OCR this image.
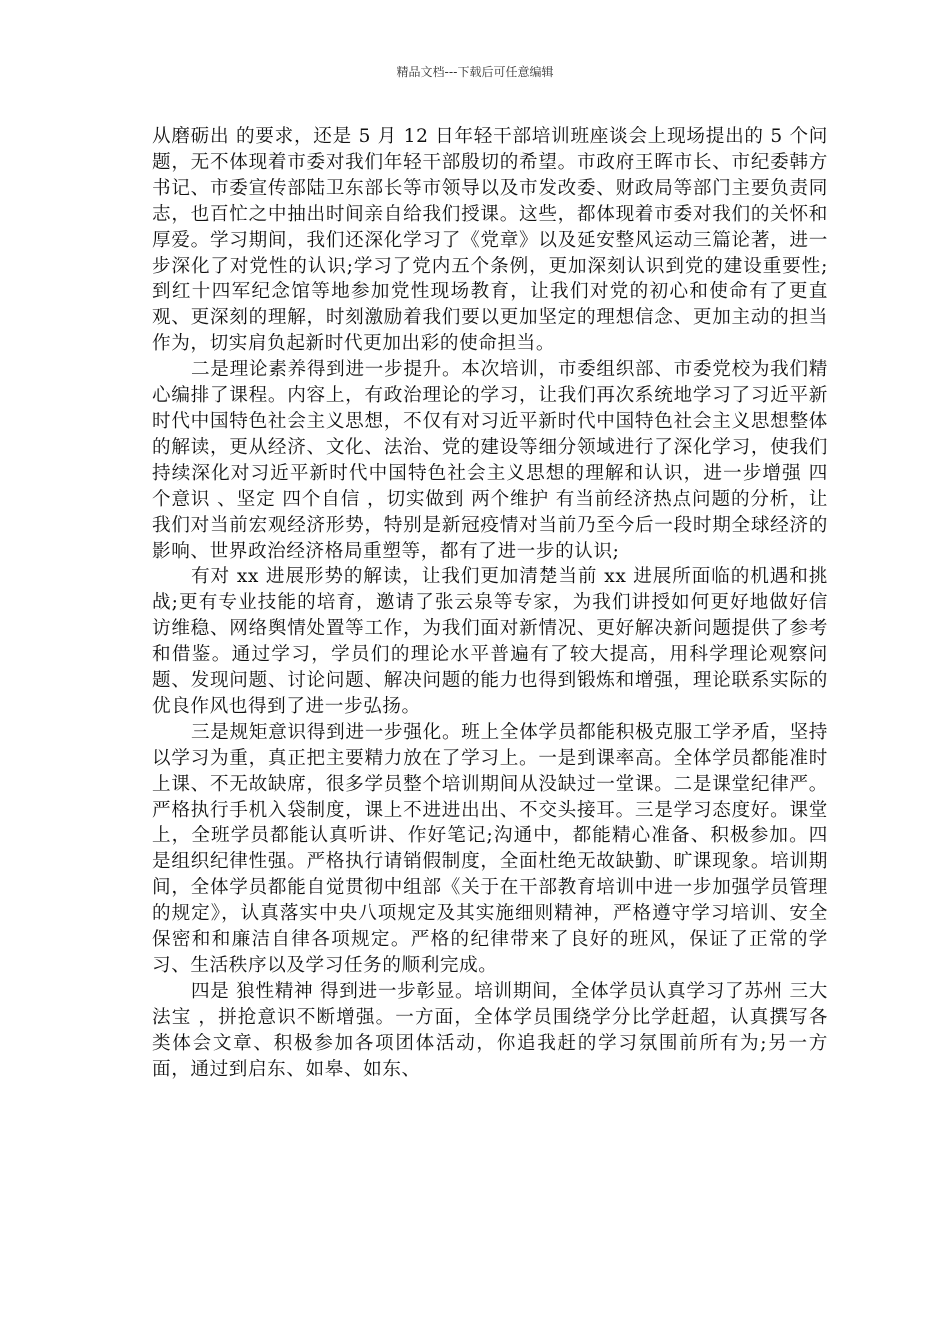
精品文档---下载后可任意编辑

从磨砺出 的要求，还是 5 月 12 日年轻干部培训班座谈会上现场提出的 5 个问题，无不体现着市委对我们年轻干部殷切的希望。市政府王晖市长、市纪委韩方书记、市委宣传部陆卫东部长等市领导以及市发改委、财政局等部门主要负责同志，也百忙之中抽出时间亲自给我们授课。这些，都体现着市委对我们的关怀和厚爱。学习期间，我们还深化学习了《党章》以及延安整风运动三篇论著，进一步深化了对党性的认识;学习了党内五个条例，更加深刻认识到党的建设重要性;到红十四军纪念馆等地参加党性现场教育，让我们对党的初心和使命有了更直观、更深刻的理解，时刻激励着我们要以更加坚定的理想信念、更加主动的担当作为，切实肩负起新时代更加出彩的使命担当。

二是理论素养得到进一步提升。本次培训，市委组织部、市委党校为我们精心编排了课程。内容上，有政治理论的学习，让我们再次系统地学习了习近平新时代中国特色社会主义思想，不仅有对习近平新时代中国特色社会主义思想整体的解读，更从经济、文化、法治、党的建设等细分领域进行了深化学习，使我们持续深化对习近平新时代中国特色社会主义思想的理解和认识，进一步增强 四个意识 、坚定 四个自信 ，切实做到 两个维护 有当前经济热点问题的分析，让我们对当前宏观经济形势，特别是新冠疫情对当前乃至今后一段时期全球经济的影响、世界政治经济格局重塑等，都有了进一步的认识;

有对 xx 进展形势的解读，让我们更加清楚当前 xx 进展所面临的机遇和挑战;更有专业技能的培育，邀请了张云泉等专家，为我们讲授如何更好地做好信访维稳、网络舆情处置等工作，为我们面对新情况、更好解决新问题提供了参考和借鉴。通过学习，学员们的理论水平普遍有了较大提高，用科学理论观察问题、发现问题、讨论问题、解决问题的能力也得到锻炼和增强，理论联系实际的优良作风也得到了进一步弘扬。

三是规矩意识得到进一步强化。班上全体学员都能积极克服工学矛盾，坚持以学习为重，真正把主要精力放在了学习上。一是到课率高。全体学员都能准时上课、不无故缺席，很多学员整个培训期间从没缺过一堂课。二是课堂纪律严。严格执行手机入袋制度，课上不进进出出、不交头接耳。三是学习态度好。课堂上，全班学员都能认真听讲、作好笔记;沟通中，都能精心准备、积极参加。四是组织纪律性强。严格执行请销假制度，全面杜绝无故缺勤、旷课现象。培训期间，全体学员都能自觉贯彻中组部《关于在干部教育培训中进一步加强学员管理的规定》，认真落实中央八项规定及其实施细则精神，严格遵守学习培训、安全保密和和廉洁自律各项规定。严格的纪律带来了良好的班风，保证了正常的学习、生活秩序以及学习任务的顺利完成。

四是 狼性精神 得到进一步彰显。培训期间，全体学员认真学习了苏州 三大法宝 ，拼抢意识不断增强。一方面，全体学员围绕学分比学赶超，认真撰写各类体会文章、积极参加各项团体活动，你追我赶的学习氛围前所有为;另一方面，通过到启东、如皋、如东、
